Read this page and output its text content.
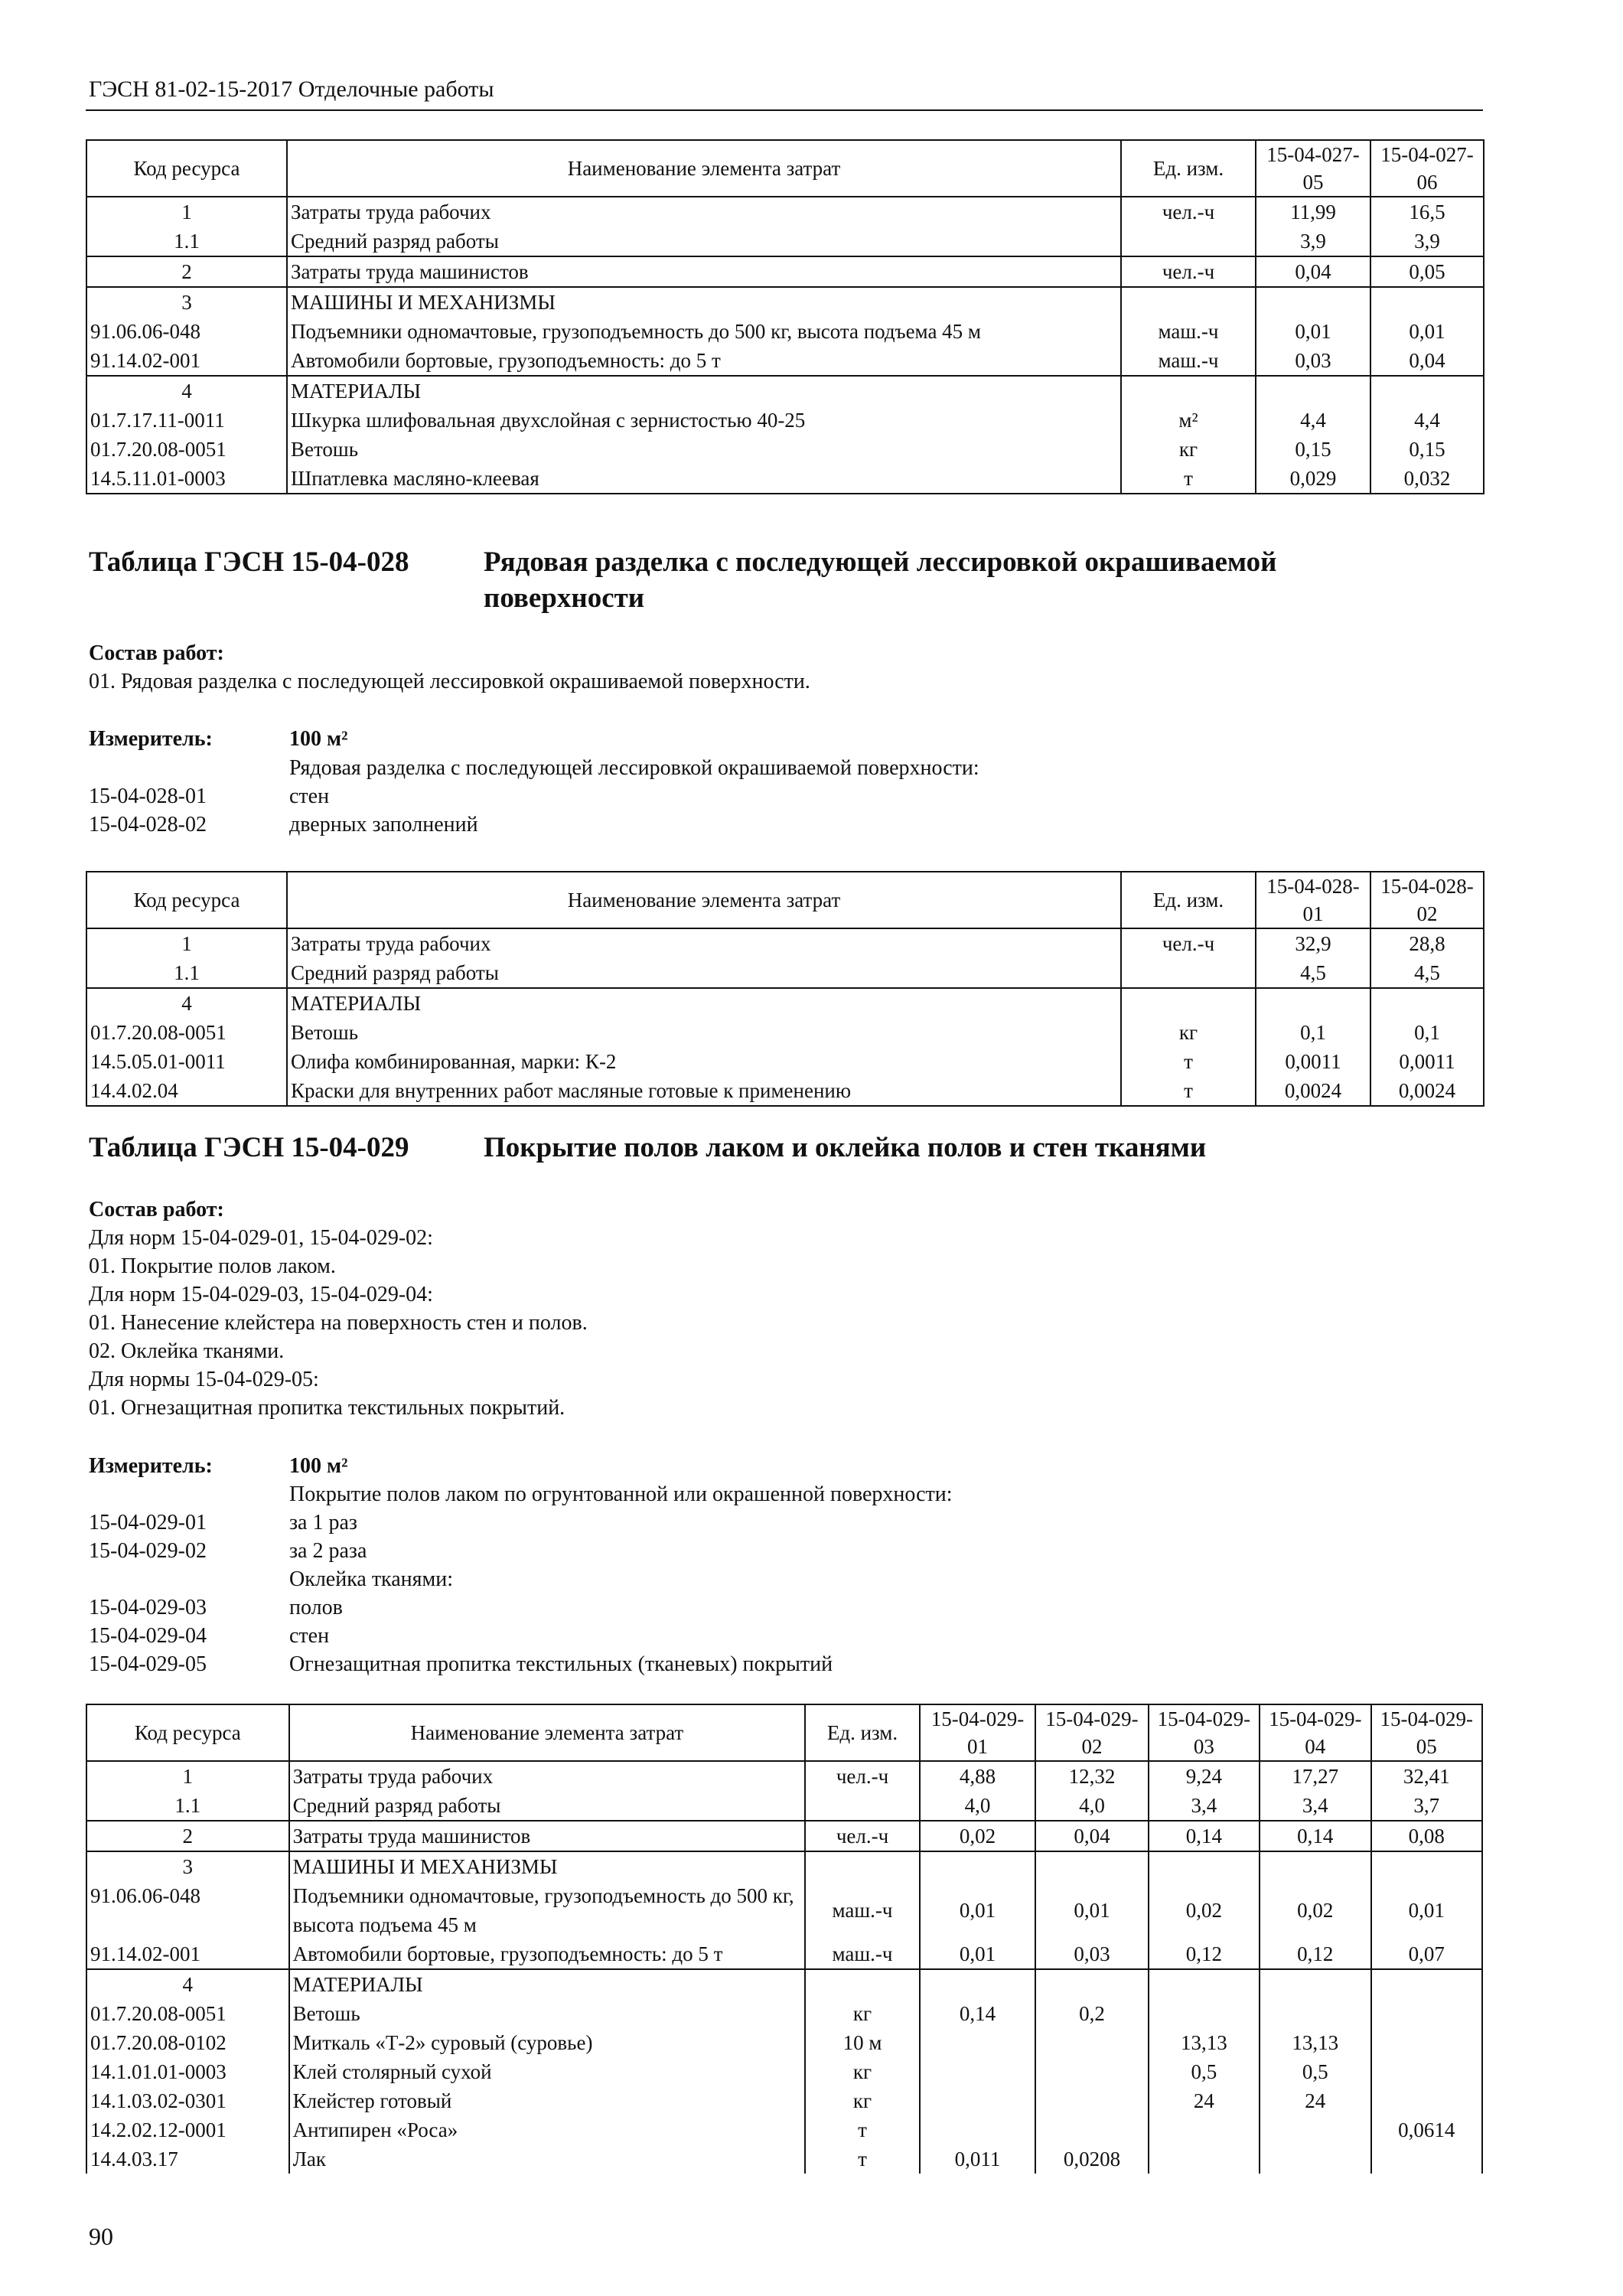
ГЭСН 81-02-15-2017 Отделочные работы
Код ресурса	Наименование элемента затрат	Ед. изм.	15-04-027-05	15-04-027-06
1	Затраты труда рабочих	чел.-ч	11,99	16,5
1.1	Средний разряд работы		3,9	3,9
2	Затраты труда машинистов	чел.-ч	0,04	0,05
3	МАШИНЫ И МЕХАНИЗМЫ			
91.06.06-048	Подъемники одномачтовые, грузоподъемность до 500 кг, высота подъема 45 м	маш.-ч	0,01	0,01
91.14.02-001	Автомобили бортовые, грузоподъемность: до 5 т	маш.-ч	0,03	0,04
4	МАТЕРИАЛЫ			
01.7.17.11-0011	Шкурка шлифовальная двухслойная с зернистостью 40-25	м²	4,4	4,4
01.7.20.08-0051	Ветошь	кг	0,15	0,15
14.5.11.01-0003	Шпатлевка масляно-клеевая	т	0,029	0,032
Таблица ГЭСН 15-04-028	Рядовая разделка с последующей лессировкой окрашиваемой
поверхности
Состав работ:
01. Рядовая разделка с последующей лессировкой окрашиваемой поверхности.
Измеритель:	100 м²
Рядовая разделка с последующей лессировкой окрашиваемой поверхности:
15-04-028-01	стен
15-04-028-02	дверных заполнений
Код ресурса	Наименование элемента затрат	Ед. изм.	15-04-028-01	15-04-028-02
1	Затраты труда рабочих	чел.-ч	32,9	28,8
1.1	Средний разряд работы		4,5	4,5
4	МАТЕРИАЛЫ			
01.7.20.08-0051	Ветошь	кг	0,1	0,1
14.5.05.01-0011	Олифа комбинированная, марки: К-2	т	0,0011	0,0011
14.4.02.04	Краски для внутренних работ масляные готовые к применению	т	0,0024	0,0024
Таблица ГЭСН 15-04-029	Покрытие полов лаком и оклейка полов и стен тканями
Состав работ:
Для норм 15-04-029-01, 15-04-029-02:
01. Покрытие полов лаком.
Для норм 15-04-029-03, 15-04-029-04:
01. Нанесение клейстера на поверхность стен и полов.
02. Оклейка тканями.
Для нормы 15-04-029-05:
01. Огнезащитная пропитка текстильных покрытий.
Измеритель:	100 м²
Покрытие полов лаком по огрунтованной или окрашенной поверхности:
15-04-029-01	за 1 раз
15-04-029-02	за 2 раза
Оклейка тканями:
15-04-029-03	полов
15-04-029-04	стен
15-04-029-05	Огнезащитная пропитка текстильных (тканевых) покрытий
Код ресурса	Наименование элемента затрат	Ед. изм.	15-04-029-01	15-04-029-02	15-04-029-03	15-04-029-04	15-04-029-05
1	Затраты труда рабочих	чел.-ч	4,88	12,32	9,24	17,27	32,41
1.1	Средний разряд работы		4,0	4,0	3,4	3,4	3,7
2	Затраты труда машинистов	чел.-ч	0,02	0,04	0,14	0,14	0,08
3	МАШИНЫ И МЕХАНИЗМЫ						
91.06.06-048	Подъемники одномачтовые, грузоподъемность до 500 кг, высота подъема 45 м	маш.-ч	0,01	0,01	0,02	0,02	0,01
91.14.02-001	Автомобили бортовые, грузоподъемность: до 5 т	маш.-ч	0,01	0,03	0,12	0,12	0,07
4	МАТЕРИАЛЫ						
01.7.20.08-0051	Ветошь	кг	0,14	0,2			
01.7.20.08-0102	Миткаль «Т-2» суровый (суровье)	10 м			13,13	13,13	
14.1.01.01-0003	Клей столярный сухой	кг			0,5	0,5	
14.1.03.02-0301	Клейстер готовый	кг			24	24	
14.2.02.12-0001	Антипирен «Роса»	т					0,0614
14.4.03.17	Лак	т	0,011	0,0208			
90
